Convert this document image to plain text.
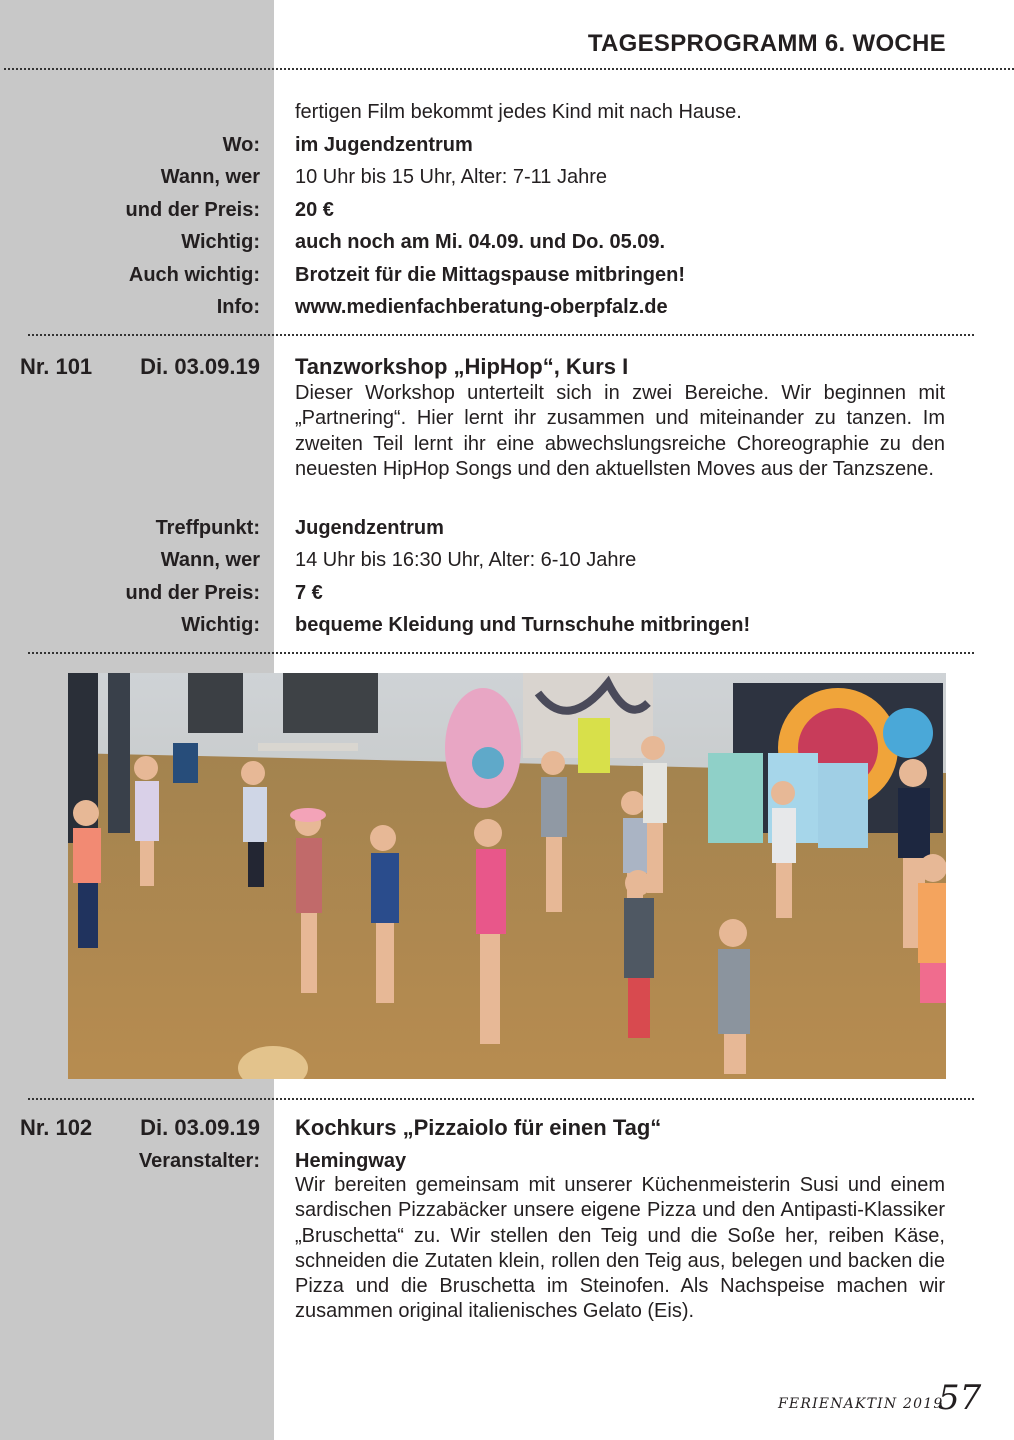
TAGESPROGRAMM 6. WOCHE
fertigen Film bekommt jedes Kind mit nach Hause.
Wo: im Jugendzentrum
Wann, wer 10 Uhr bis 15 Uhr, Alter: 7-11 Jahre
und der Preis: 20 €
Wichtig: auch noch am Mi. 04.09. und Do. 05.09.
Auch wichtig: Brotzeit für die Mittagspause mitbringen!
Info: www.medienfachberatung-oberpfalz.de
Nr. 101	Di. 03.09.19 Tanzworkshop „HipHop“, Kurs I
Dieser Workshop unterteilt sich in zwei Bereiche. Wir beginnen mit „Partnering“. Hier lernt ihr zusammen und miteinander zu tanzen. Im zweiten Teil lernt ihr eine abwechslungsreiche Choreographie zu den neuesten HipHop Songs und den aktuellsten Moves aus der Tanzszene.
Treffpunkt: Jugendzentrum
Wann, wer 14 Uhr bis 16:30 Uhr, Alter: 6-10 Jahre
und der Preis: 7 €
Wichtig: bequeme Kleidung und Turnschuhe mitbringen!
Nr. 102	Di. 03.09.19 Kochkurs „Pizzaiolo für einen Tag“
Veranstalter: Hemingway
Wir bereiten gemeinsam mit unserer Küchenmeisterin Susi und einem sardischen Pizzabäcker unsere eigene Pizza und den Antipasti-Klassiker „Bruschetta“ zu. Wir stellen den Teig und die Soße her, reiben Käse, schneiden die Zutaten klein, rollen den Teig aus, belegen und backen die Pizza und die Bruschetta im Steinofen. Als Nachspeise machen wir zusammen original italienisches Gelato (Eis).
FERIENAKTIN 2019
57
